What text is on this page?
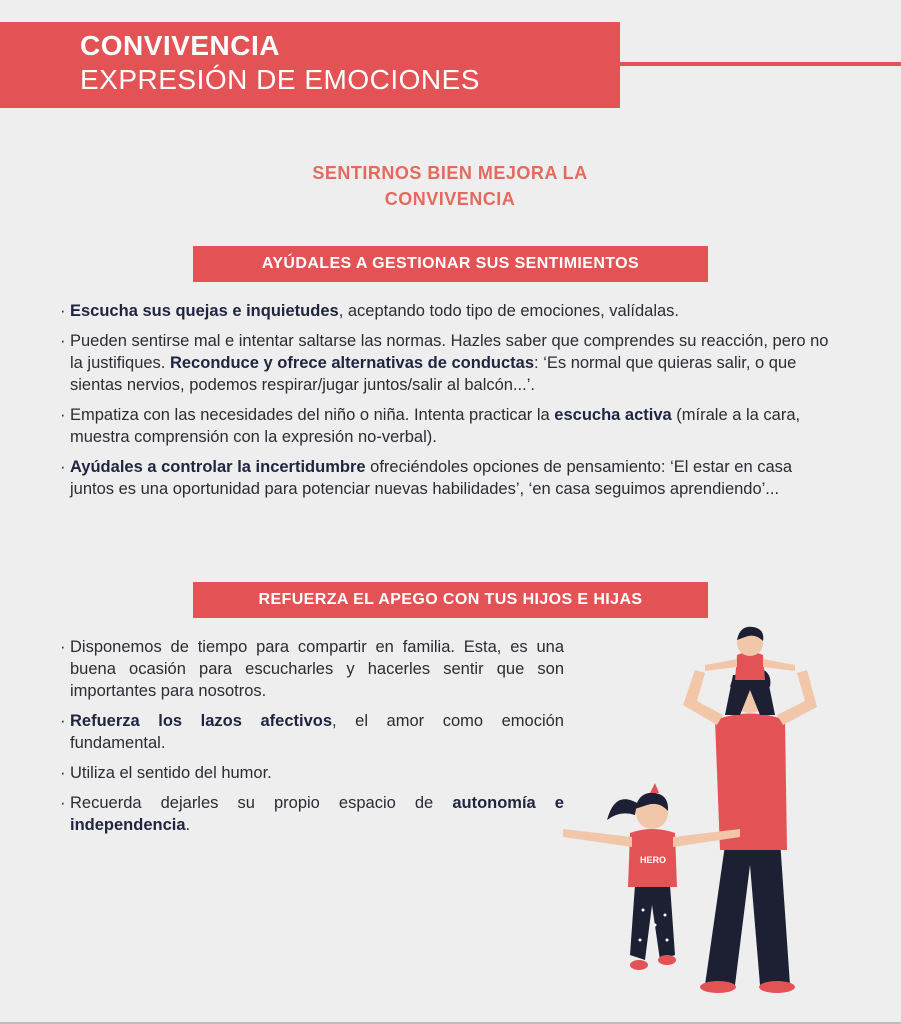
CONVIVENCIA
EXPRESIÓN DE EMOCIONES
SENTIRNOS BIEN MEJORA LA
CONVIVENCIA
AYÚDALES A GESTIONAR SUS SENTIMIENTOS
· Escucha sus quejas e inquietudes, aceptando todo tipo de emociones, valídalas.
· Pueden sentirse mal e intentar saltarse las normas. Hazles saber que comprendes su reacción, pero no la justifiques. Reconduce y ofrece alternativas de conductas: ‘Es normal que quieras salir, o que sientas nervios, podemos respirar/jugar juntos/salir al balcón...’.
· Empatiza con las necesidades del niño o niña. Intenta practicar la escucha activa (mírale a la cara, muestra comprensión con la expresión no-verbal).
· Ayúdales a controlar la incertidumbre ofreciéndoles opciones de pensamiento: ‘El estar en casa juntos es una oportunidad para potenciar nuevas habilidades’, ‘en casa seguimos aprendiendo’...
REFUERZA EL APEGO CON TUS HIJOS E HIJAS
· Disponemos de tiempo para compartir en familia. Esta, es una buena ocasión para escucharles y hacerles sentir que son importantes para nosotros.
· Refuerza los lazos afectivos, el amor como emoción fundamental.
· Utiliza el sentido del humor.
· Recuerda dejarles su propio espacio de autonomía e independencia.
HERO
